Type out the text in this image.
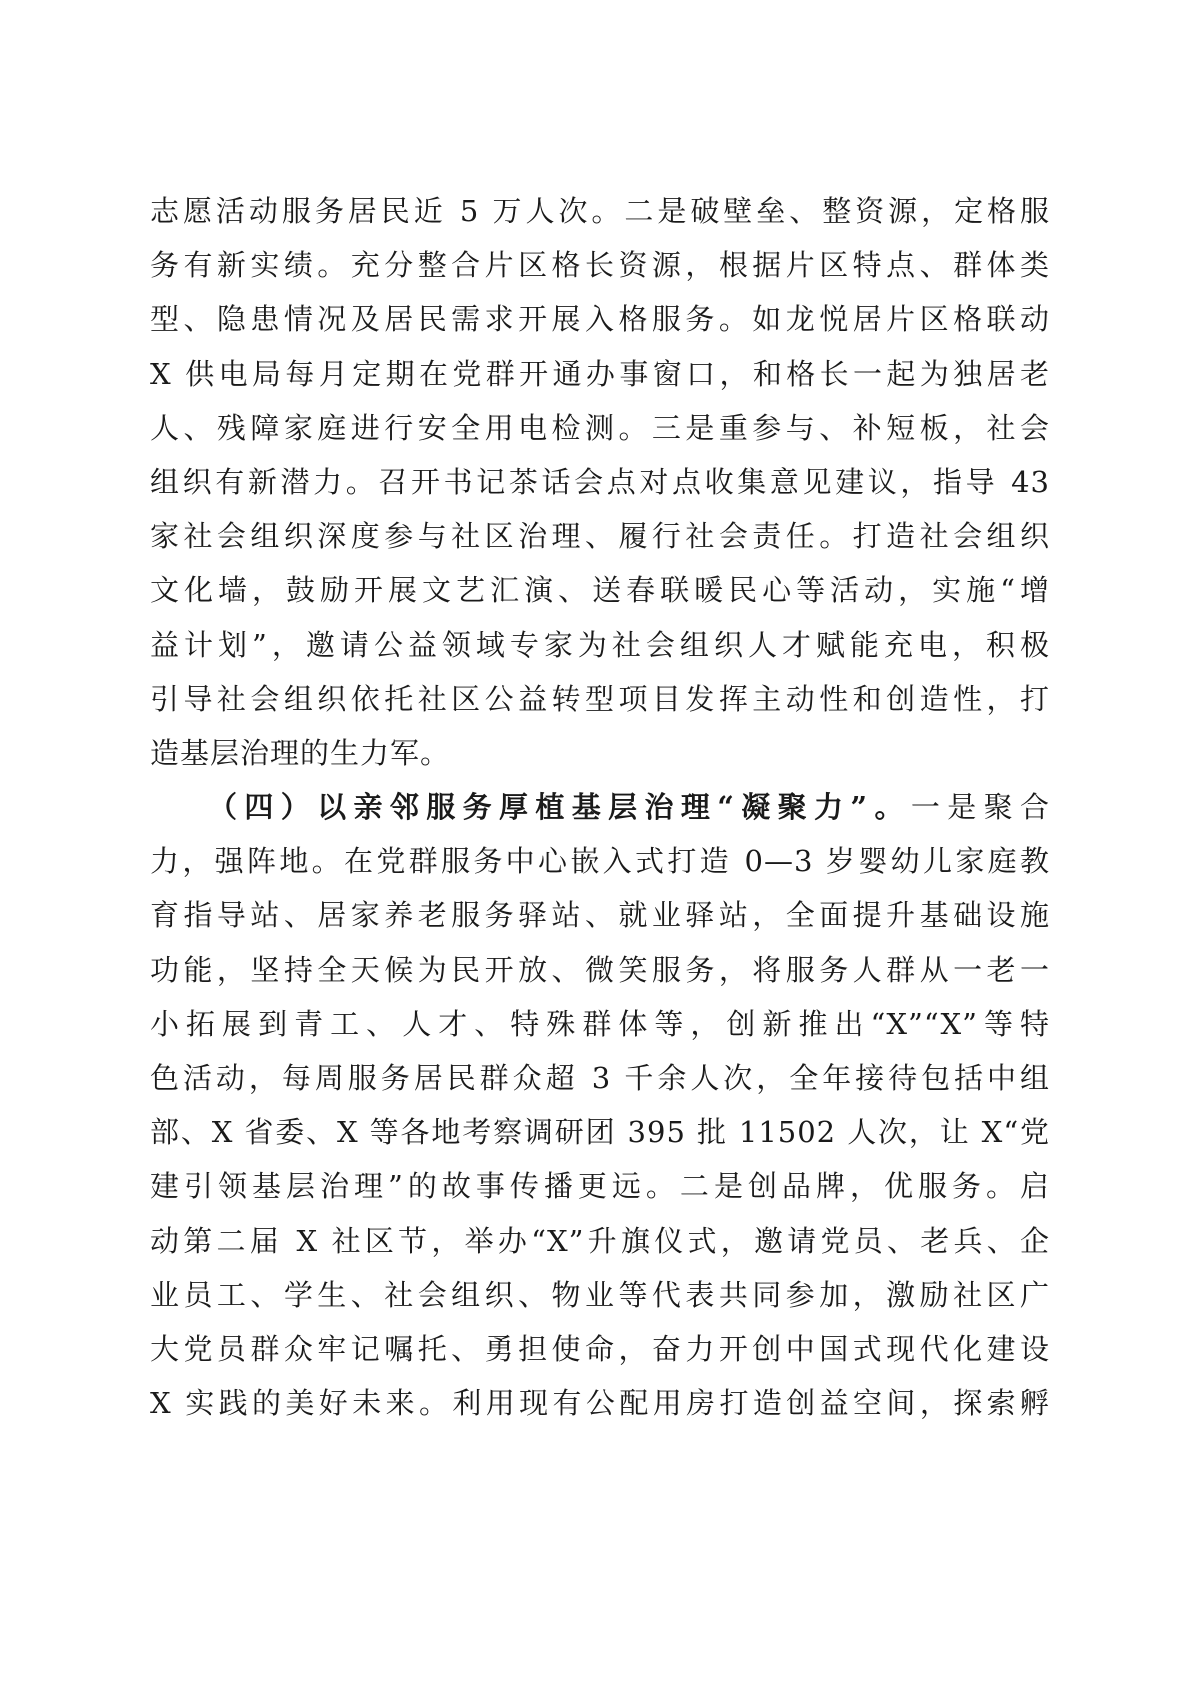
志愿活动服务居民近 5 万人次。二是破壁垒、整资源，定格服
务有新实绩。充分整合片区格长资源，根据片区特点、群体类
型、隐患情况及居民需求开展入格服务。如龙悦居片区格联动
X 供电局每月定期在党群开通办事窗口，和格长一起为独居老
人、残障家庭进行安全用电检测。三是重参与、补短板，社会
组织有新潜力。召开书记茶话会点对点收集意见建议，指导 43
家社会组织深度参与社区治理、履行社会责任。打造社会组织
文化墙，鼓励开展文艺汇演、送春联暖民心等活动，实施“增
益计划”，邀请公益领域专家为社会组织人才赋能充电，积极
引导社会组织依托社区公益转型项目发挥主动性和创造性，打
造基层治理的生力军。
（四）以亲邻服务厚植基层治理“凝聚力”。一是聚合
力，强阵地。在党群服务中心嵌入式打造 0—3 岁婴幼儿家庭教
育指导站、居家养老服务驿站、就业驿站，全面提升基础设施
功能，坚持全天候为民开放、微笑服务，将服务人群从一老一
小拓展到青工、人才、特殊群体等，创新推出“X”“X”等特
色活动，每周服务居民群众超 3 千余人次，全年接待包括中组
部、X 省委、X 等各地考察调研团 395 批 11502 人次，让 X“党
建引领基层治理”的故事传播更远。二是创品牌，优服务。启
动第二届 X 社区节，举办“X”升旗仪式，邀请党员、老兵、企
业员工、学生、社会组织、物业等代表共同参加，激励社区广
大党员群众牢记嘱托、勇担使命，奋力开创中国式现代化建设
X 实践的美好未来。利用现有公配用房打造创益空间，探索孵
